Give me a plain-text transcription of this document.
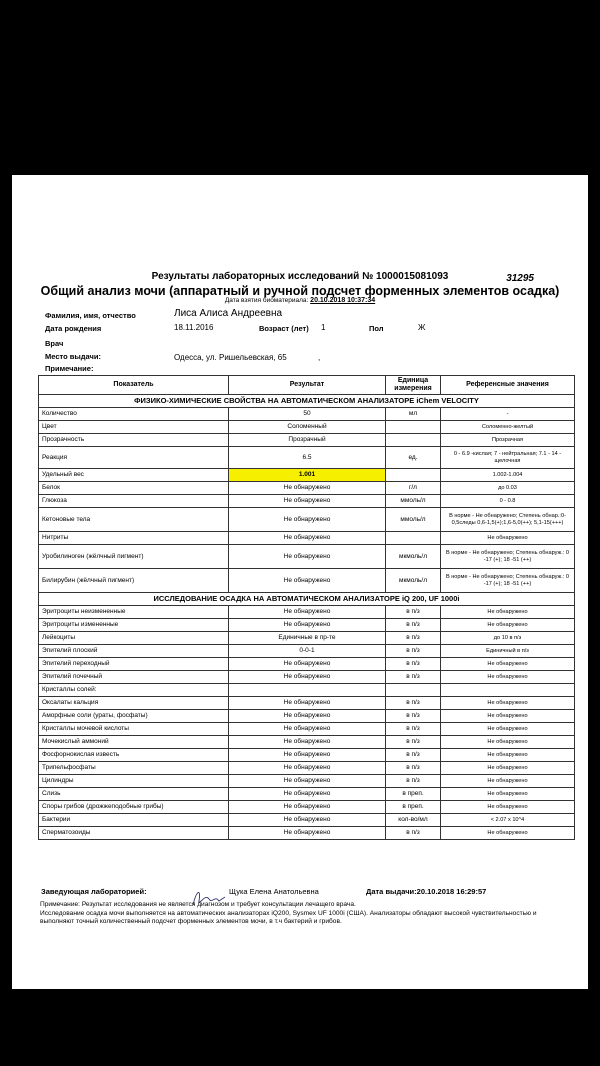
Результаты лабораторных исследований № 1000015081093	31295
Общий анализ мочи (аппаратный и ручной подсчет форменных элементов осадка)
Дата взятия биоматериала: 20.10.2018 10:37:34
Фамилия, имя, отчество	Лиса Алиса Андреевна
Дата рождения	18.11.2016	Возраст (лет) 1	Пол	Ж
Врач
Место выдачи:	Одесса, ул. Ришельевская, 65	,
Примечание:
Показатель	Результат	Единица измерения	Референсные значения
ФИЗИКО-ХИМИЧЕСКИЕ СВОЙСТВА НА АВТОМАТИЧЕСКОМ АНАЛИЗАТОРЕ iChem VELOCITY			
Количество	50	мл	-
Цвет	Соломенный		Соломенно-желтый
Прозрачность	Прозрачный		Прозрачная
Реакция	6.5	ед.	0 - 6.9 -кислая; 7 - нейтральная; 7.1 - 14 - щелочная
Удельный вес	1.001		1.002-1.004
Белок	Не обнаружено	г/л	до 0.03
Глюкоза	Не обнаружено	ммоль/л	0 - 0.8
Кетоновые тела	Не обнаружено	ммоль/л	В норме - Не обнаружено; Степень обнар.:0-0,5следы 0,6-1,5(+);1,6-5,0(++); 5,1-15(+++)
Нитриты	Не обнаружено		Не обнаружено
Уробилиноген (жёлчный пигмент)	Не обнаружено	мкмоль/л	В норме - Не обнаружено; Степень обнаруж.: 0 -17 (+); 18 -51 (++)
Билирубин (жёлчный пигмент)	Не обнаружено	мкмоль/л	В норме - Не обнаружено; Степень обнаруж.: 0 -17 (+); 18 -51 (++)
ИССЛЕДОВАНИЕ ОСАДКА НА АВТОМАТИЧЕСКОМ АНАЛИЗАТОРЕ iQ 200, UF 1000i			
Эритроциты неизмененные	Не обнаружено	в п/з	Не обнаружено
Эритроциты измененные	Не обнаружено	в п/з	Не обнаружено
Лейкоциты	Единичные в пр-те	в п/з	до 10 в п/з
Эпителий плоский	0-0-1	в п/з	Единичный в п/з
Эпителий переходный	Не обнаружено	в п/з	Не обнаружено
Эпителий почечный	Не обнаружено	в п/з	Не обнаружено
Кристаллы солей:			
Оксалаты кальция	Не обнаружено	в п/з	Не обнаружено
Аморфные соли (ураты, фосфаты)	Не обнаружено	в п/з	Не обнаружено
Кристаллы мочевой кислоты	Не обнаружено	в п/з	Не обнаружено
Мочекислый аммоний	Не обнаружено	в п/з	Не обнаружено
Фосфорнокислая известь	Не обнаружено	в п/з	Не обнаружено
Трипельфосфаты	Не обнаружено	в п/з	Не обнаружено
Цилиндры	Не обнаружено	в п/з	Не обнаружено
Слизь	Не обнаружено	в преп.	Не обнаружено
Споры грибов (дрожжеподобные грибы)	Не обнаружено	в преп.	Не обнаружено
Бактерии	Не обнаружено	кол-во/мл	< 2.07 x 10^4
Сперматозоиды	Не обнаружено	в п/з	Не обнаружено
Заведующая лабораторией:	Щука Елена Анатольевна	Дата выдачи:20.10.2018 16:29:57
Примечание: Результат исследования не является диагнозом и требует консультации лечащего врача.
Исследование осадка мочи выполняется на автоматических анализаторах iQ200, Sysmex UF 1000i (США). Анализаторы обладают высокой чувствительностью и выполняют точный количественный подсчет форменных элементов мочи, в т.ч бактерий и грибов.
